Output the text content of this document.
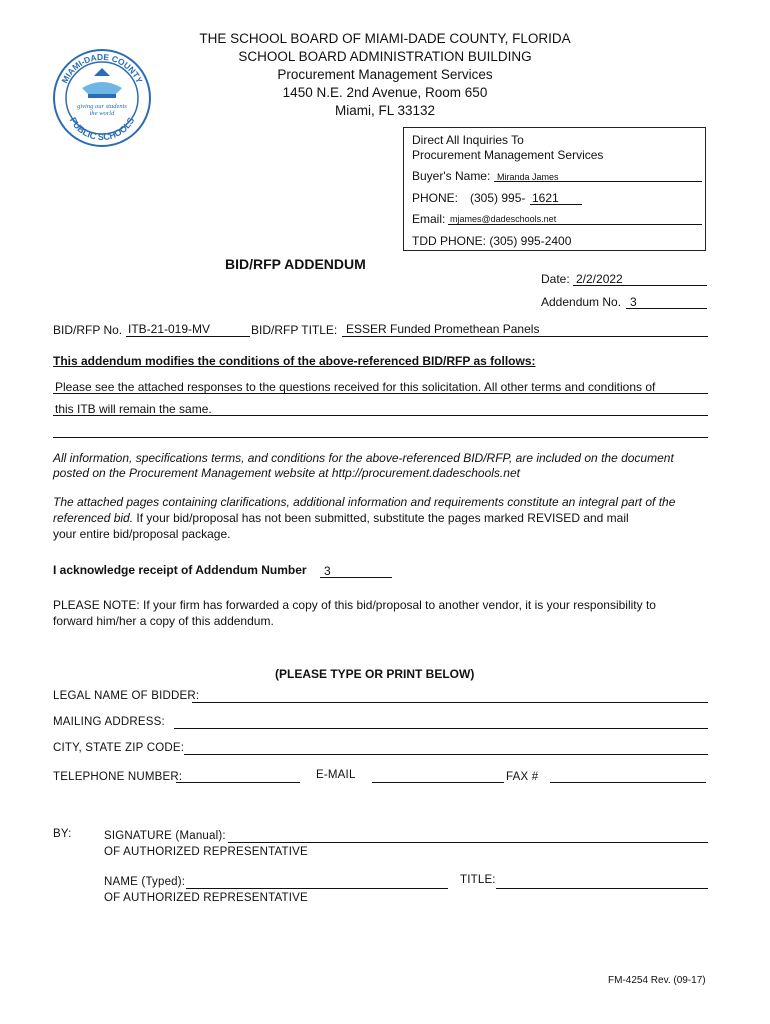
MIAMI-DADE COUNTY
PUBLIC SCHOOLS
giving our students
the world
THE SCHOOL BOARD OF MIAMI-DADE COUNTY, FLORIDA
SCHOOL BOARD ADMINISTRATION BUILDING
Procurement Management Services
1450 N.E. 2nd Avenue, Room 650
Miami, FL 33132
Direct All Inquiries To
Procurement Management Services
Buyer's Name: Miranda James
PHONE: (305) 995- 1621
Email: mjames@dadeschools.net
TDD PHONE: (305) 995-2400
BID/RFP ADDENDUM
Date: 2/2/2022
Addendum No. 3
BID/RFP No. ITB-21-019-MV	BID/RFP TITLE: ESSER Funded Promethean Panels
This addendum modifies the conditions of the above-referenced BID/RFP as follows:
Please see the attached responses to the questions received for this solicitation. All other terms and conditions of
this ITB will remain the same.
All information, specifications terms, and conditions for the above-referenced BID/RFP, are included on the document
posted on the Procurement Management website at http://procurement.dadeschools.net
The attached pages containing clarifications, additional information and requirements constitute an integral part of the
referenced bid. If your bid/proposal has not been submitted, substitute the pages marked REVISED and mail
your entire bid/proposal package.
I acknowledge receipt of Addendum Number 3
PLEASE NOTE: If your firm has forwarded a copy of this bid/proposal to another vendor, it is your responsibility to
forward him/her a copy of this addendum.
(PLEASE TYPE OR PRINT BELOW)
LEGAL NAME OF BIDDER:
MAILING ADDRESS:
CITY, STATE ZIP CODE:
TELEPHONE NUMBER:	E-MAIL	FAX #
BY:	SIGNATURE (Manual):
OF AUTHORIZED REPRESENTATIVE
NAME (Typed):	TITLE:
OF AUTHORIZED REPRESENTATIVE
FM-4254 Rev. (09-17)
